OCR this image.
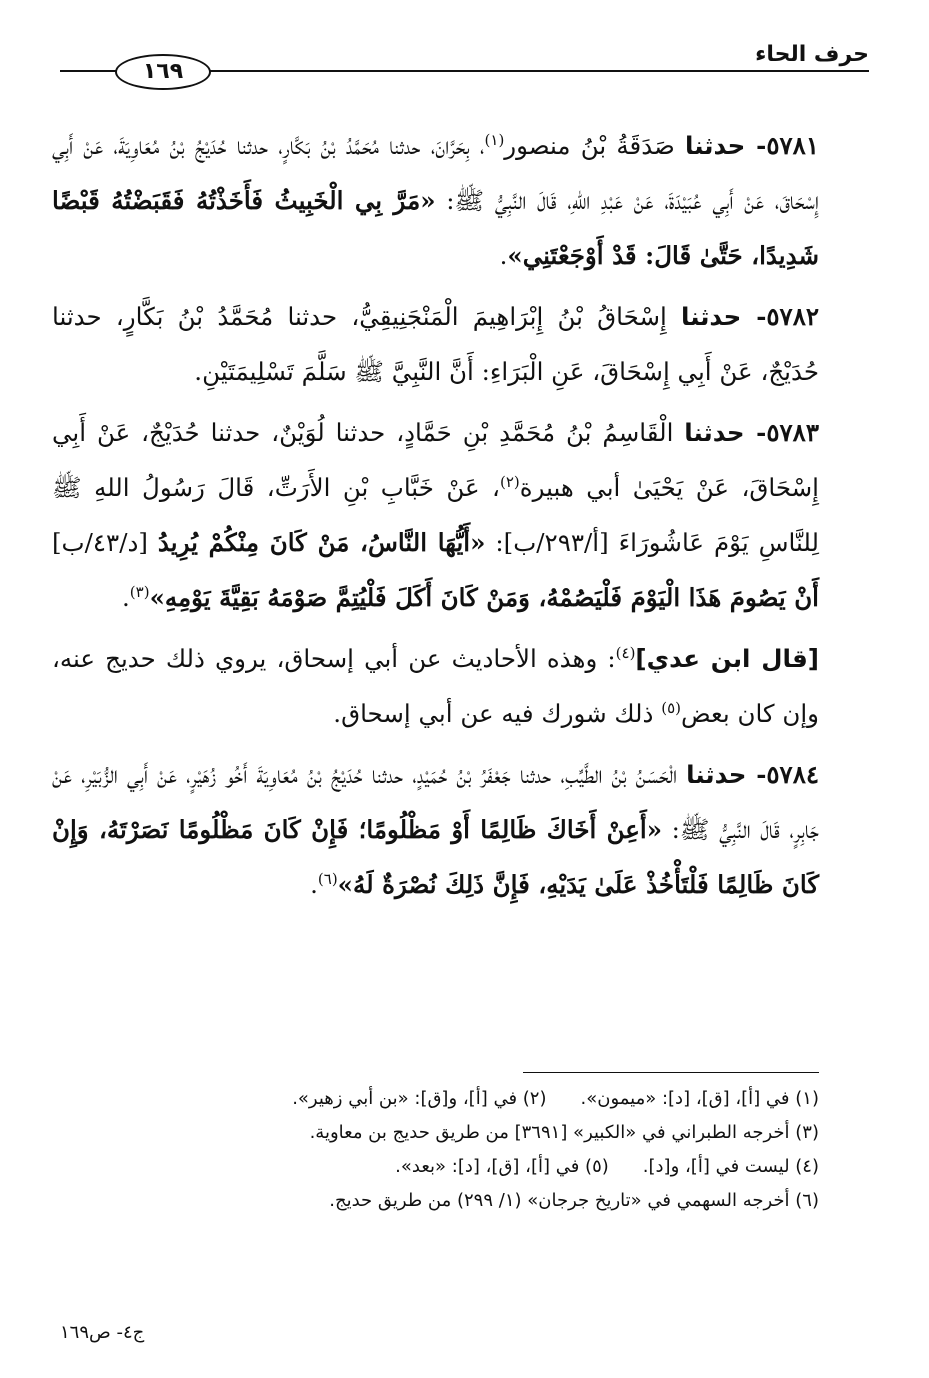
حرف الحاء
١٦٩

٥٧٨١- حدثنا صَدَقَةُ بْنُ منصور$^{(١)}$، بِحَرَّانَ، حدثنا مُحَمَّدُ بْنُ بَكَّارٍ، حدثنا حُدَيْجُ بْنُ مُعَاوِيَةَ، عَنْ أَبِي إِسْحَاقَ، عَنْ أَبِي عُبَيْدَةَ، عَنْ عَبْدِ اللهِ، قَالَ النَّبِيُّ ﷺ: «مَرَّ بِي الْخَبِيثُ فَأَخَذْتُهُ فَقَبَضْتُهُ قَبْضًا شَدِيدًا، حَتَّىٰ قَالَ: قَدْ أَوْجَعْتَنِي».

٥٧٨٢- حدثنا إِسْحَاقُ بْنُ إِبْرَاهِيمَ الْمَنْجَنِيقِيُّ، حدثنا مُحَمَّدُ بْنُ بَكَّارٍ، حدثنا حُدَيْجٌ، عَنْ أَبِي إِسْحَاقَ، عَنِ الْبَرَاءِ: أَنَّ النَّبِيَّ ﷺ سَلَّمَ تَسْلِيمَتَيْنِ.

٥٧٨٣- حدثنا الْقَاسِمُ بْنُ مُحَمَّدِ بْنِ حَمَّادٍ، حدثنا لُوَيْنٌ، حدثنا حُدَيْجٌ، عَنْ أَبِي إِسْحَاقَ، عَنْ يَحْيَىٰ أبي هبيرة$^{(٢)}$، عَنْ خَبَّابِ بْنِ الأَرَتِّ، قَالَ رَسُولُ اللهِ ﷺ لِلنَّاسِ يَوْمَ عَاشُورَاءَ [أ/٢٩٣/ب]: «أَيُّهَا النَّاسُ، مَنْ كَانَ مِنْكُمْ يُرِيدُ [د/٤٣/ب] أَنْ يَصُومَ هَذَا الْيَوْمَ فَلْيَصُمْهُ، وَمَنْ كَانَ أَكَلَ فَلْيُتِمَّ صَوْمَهُ بَقِيَّةَ يَوْمِهِ»$^{(٣)}$.

[قال ابن عدي]$^{(٤)}$: وهذه الأحاديث عن أبي إسحاق، يروي ذلك حديج عنه، وإن كان بعض$^{(٥)}$ ذلك شورك فيه عن أبي إسحاق.

٥٧٨٤- حدثنا الْحَسَنُ بْنُ الطَّيِّبِ، حدثنا جَعْفَرُ بْنُ حُمَيْدٍ، حدثنا حُدَيْجُ بْنُ مُعَاوِيَةَ أَخُو زُهَيْرٍ، عَنْ أَبِي الزُّبَيْرِ، عَنْ جَابِرٍ، قَالَ النَّبِيُّ ﷺ: «أَعِنْ أَخَاكَ ظَالِمًا أَوْ مَظْلُومًا؛ فَإِنْ كَانَ مَظْلُومًا نَصَرْتَهُ، وَإِنْ كَانَ ظَالِمًا فَلْتَأْخُذْ عَلَىٰ يَدَيْهِ، فَإِنَّ ذَلِكَ نُصْرَةٌ لَهُ»$^{(٦)}$.

(١) في [أ]، [ق]، [د]: «ميمون».
(٢) في [أ]، و[ق]: «بن أبي زهير».
(٣) أخرجه الطبراني في «الكبير» [٣٦٩١] من طريق حديج بن معاوية.
(٤) ليست في [أ]، و[د].
(٥) في [أ]، [ق]، [د]: «بعد».
(٦) أخرجه السهمي في «تاريخ جرجان» (١/ ٢٩٩) من طريق حديج.
ج٤- ص١٦٩
